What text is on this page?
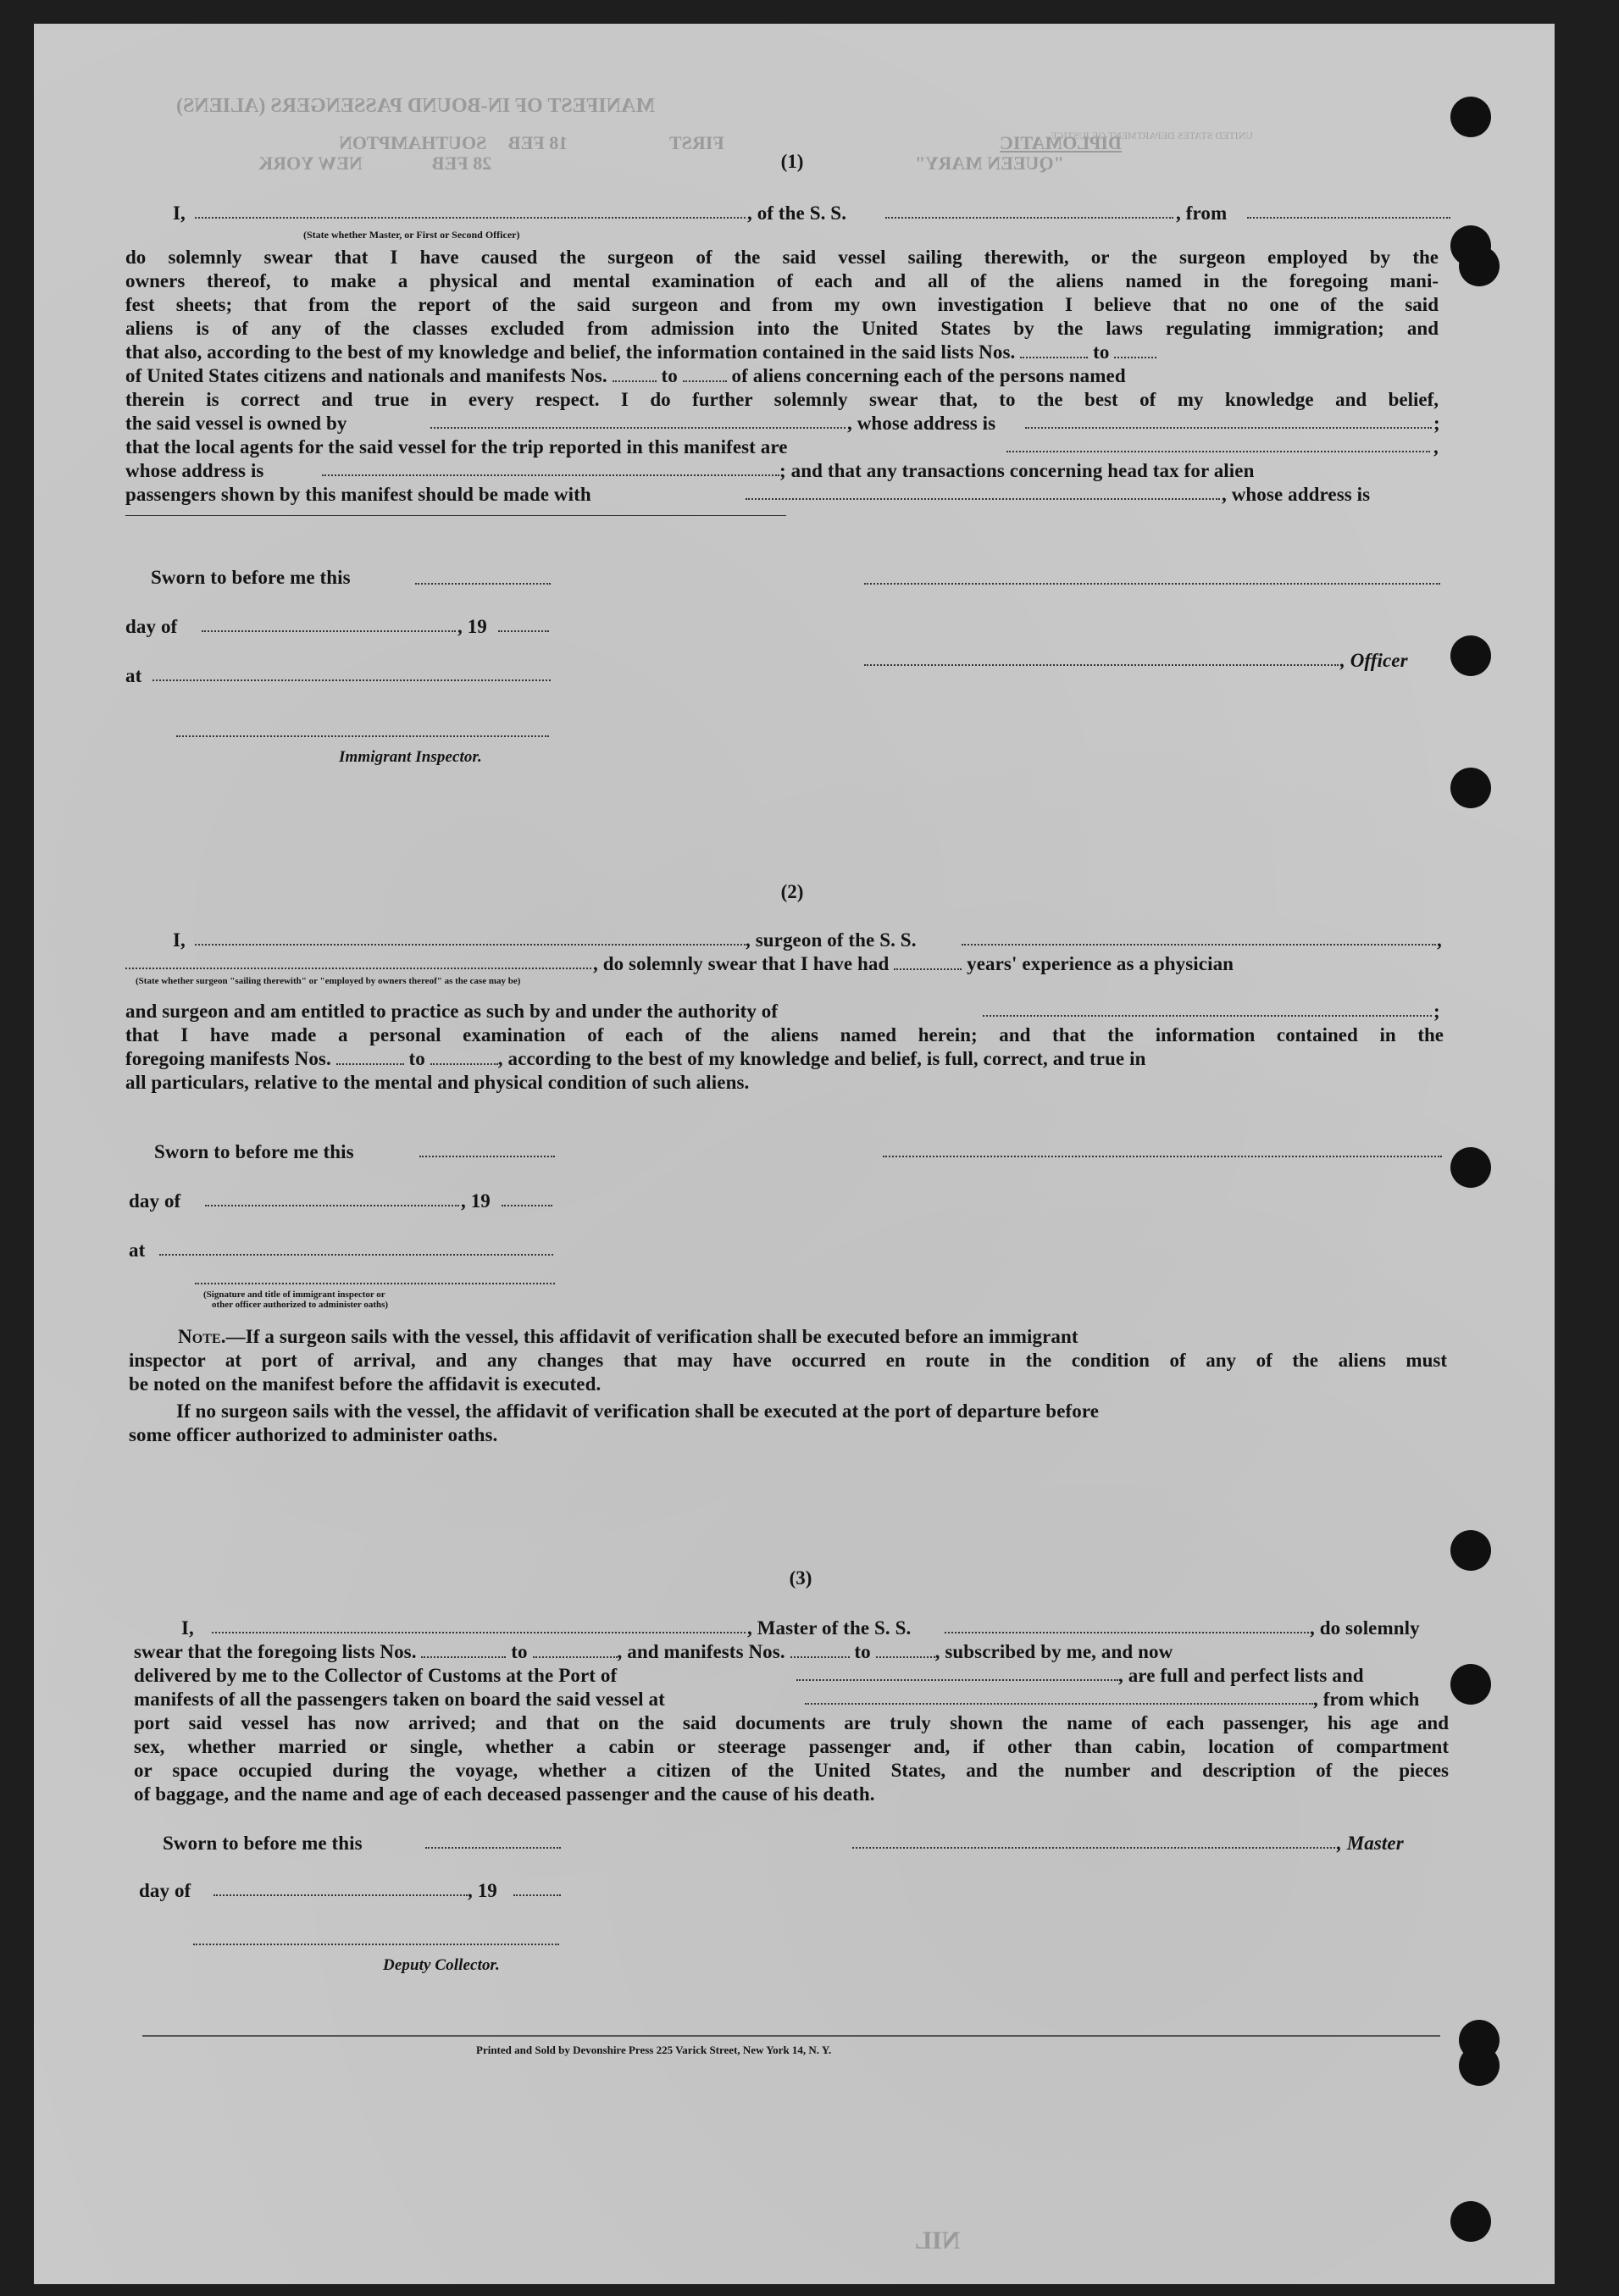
MANIFEST OF IN-BOUND PASSENGERS (ALIENS)
SOUTHAMPTON
NEW YORK
18 FEB
28 FEB
FIRST
"QUEEN MARY"
DIPLOMATIC
UNITED STATES DEPARTMENT OF JUSTICE
NIL
(1)
I,	, of the S. S.	, from
(State whether Master, or First or Second Officer)
do solemnly swear that I have caused the surgeon of the said vessel sailing therewith, or the surgeon employed by the
owners thereof, to make a physical and mental examination of each and all of the aliens named in the foregoing mani-
fest sheets; that from the report of the said surgeon and from my own investigation I believe that no one of the said
aliens is of any of the classes excluded from admission into the United States by the laws regulating immigration; and
that also, according to the best of my knowledge and belief, the information contained in the said lists Nos.	to
of United States citizens and nationals and manifests Nos.	to	of aliens concerning each of the persons named
therein is correct and true in every respect. I do further solemnly swear that, to the best of my knowledge and belief,
the said vessel is owned by	, whose address is	;
that the local agents for the said vessel for the trip reported in this manifest are	,
whose address is	; and that any transactions concerning head tax for alien
passengers shown by this manifest should be made with	, whose address is
Sworn to before me this
day of	, 19
at
Immigrant Inspector.
, Officer
(2)
I,	, surgeon of the S. S.	,
, do solemnly swear that I have had	years' experience as a physician
(State whether surgeon "sailing therewith" or "employed by owners thereof" as the case may be)
and surgeon and am entitled to practice as such by and under the authority of	;
that I have made a personal examination of each of the aliens named herein; and that the information contained in the
foregoing manifests Nos.	to	, according to the best of my knowledge and belief, is full, correct, and true in
all particulars, relative to the mental and physical condition of such aliens.
Sworn to before me this
day of	, 19
at
(Signature and title of immigrant inspector or
other officer authorized to administer oaths)
Note.—If a surgeon sails with the vessel, this affidavit of verification shall be executed before an immigrant
inspector at port of arrival, and any changes that may have occurred en route in the condition of any of the aliens must
be noted on the manifest before the affidavit is executed.
If no surgeon sails with the vessel, the affidavit of verification shall be executed at the port of departure before
some officer authorized to administer oaths.
(3)
I,	, Master of the S. S.	, do solemnly
swear that the foregoing lists Nos.	to	, and manifests Nos.	to	, subscribed by me, and now
delivered by me to the Collector of Customs at the Port of	, are full and perfect lists and
manifests of all the passengers taken on board the said vessel at	, from which
port said vessel has now arrived; and that on the said documents are truly shown the name of each passenger, his age and
sex, whether married or single, whether a cabin or steerage passenger and, if other than cabin, location of compartment
or space occupied during the voyage, whether a citizen of the United States, and the number and description of the pieces
of baggage, and the name and age of each deceased passenger and the cause of his death.
Sworn to before me this
day of	, 19
Deputy Collector.
, Master
Printed and Sold by Devonshire Press 225 Varick Street, New York 14, N. Y.
